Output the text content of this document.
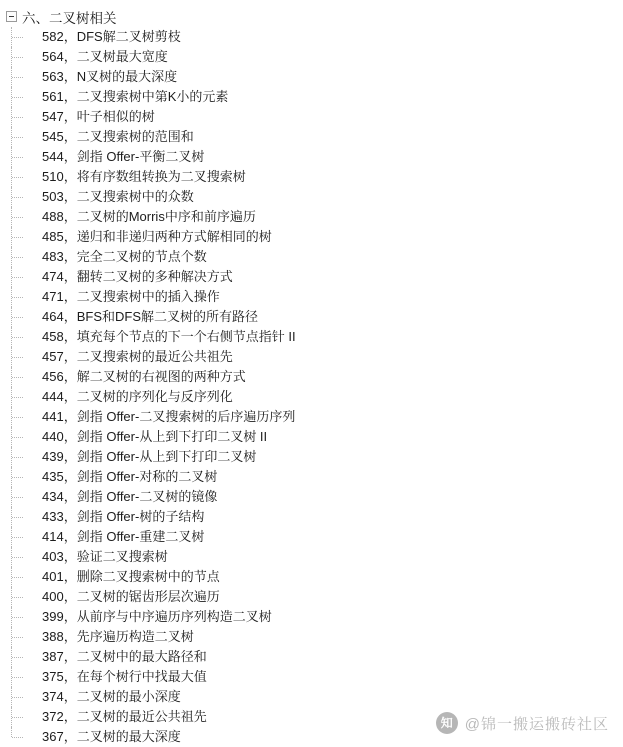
六、二叉树相关
582，DFS解二叉树剪枝
564，二叉树最大宽度
563，N叉树的最大深度
561，二叉搜索树中第K小的元素
547，叶子相似的树
545，二叉搜索树的范围和
544，剑指 Offer-平衡二叉树
510，将有序数组转换为二叉搜索树
503，二叉搜索树中的众数
488，二叉树的Morris中序和前序遍历
485，递归和非递归两种方式解相同的树
483，完全二叉树的节点个数
474，翻转二叉树的多种解决方式
471，二叉搜索树中的插入操作
464，BFS和DFS解二叉树的所有路径
458，填充每个节点的下一个右侧节点指针 II
457，二叉搜索树的最近公共祖先
456，解二叉树的右视图的两种方式
444，二叉树的序列化与反序列化
441，剑指 Offer-二叉搜索树的后序遍历序列
440，剑指 Offer-从上到下打印二叉树 II
439，剑指 Offer-从上到下打印二叉树
435，剑指 Offer-对称的二叉树
434，剑指 Offer-二叉树的镜像
433，剑指 Offer-树的子结构
414，剑指 Offer-重建二叉树
403，验证二叉搜索树
401，删除二叉搜索树中的节点
400，二叉树的锯齿形层次遍历
399，从前序与中序遍历序列构造二叉树
388，先序遍历构造二叉树
387，二叉树中的最大路径和
375，在每个树行中找最大值
374，二叉树的最小深度
372，二叉树的最近公共祖先
367，二叉树的最大深度
知 @锦一搬运搬砖社区
